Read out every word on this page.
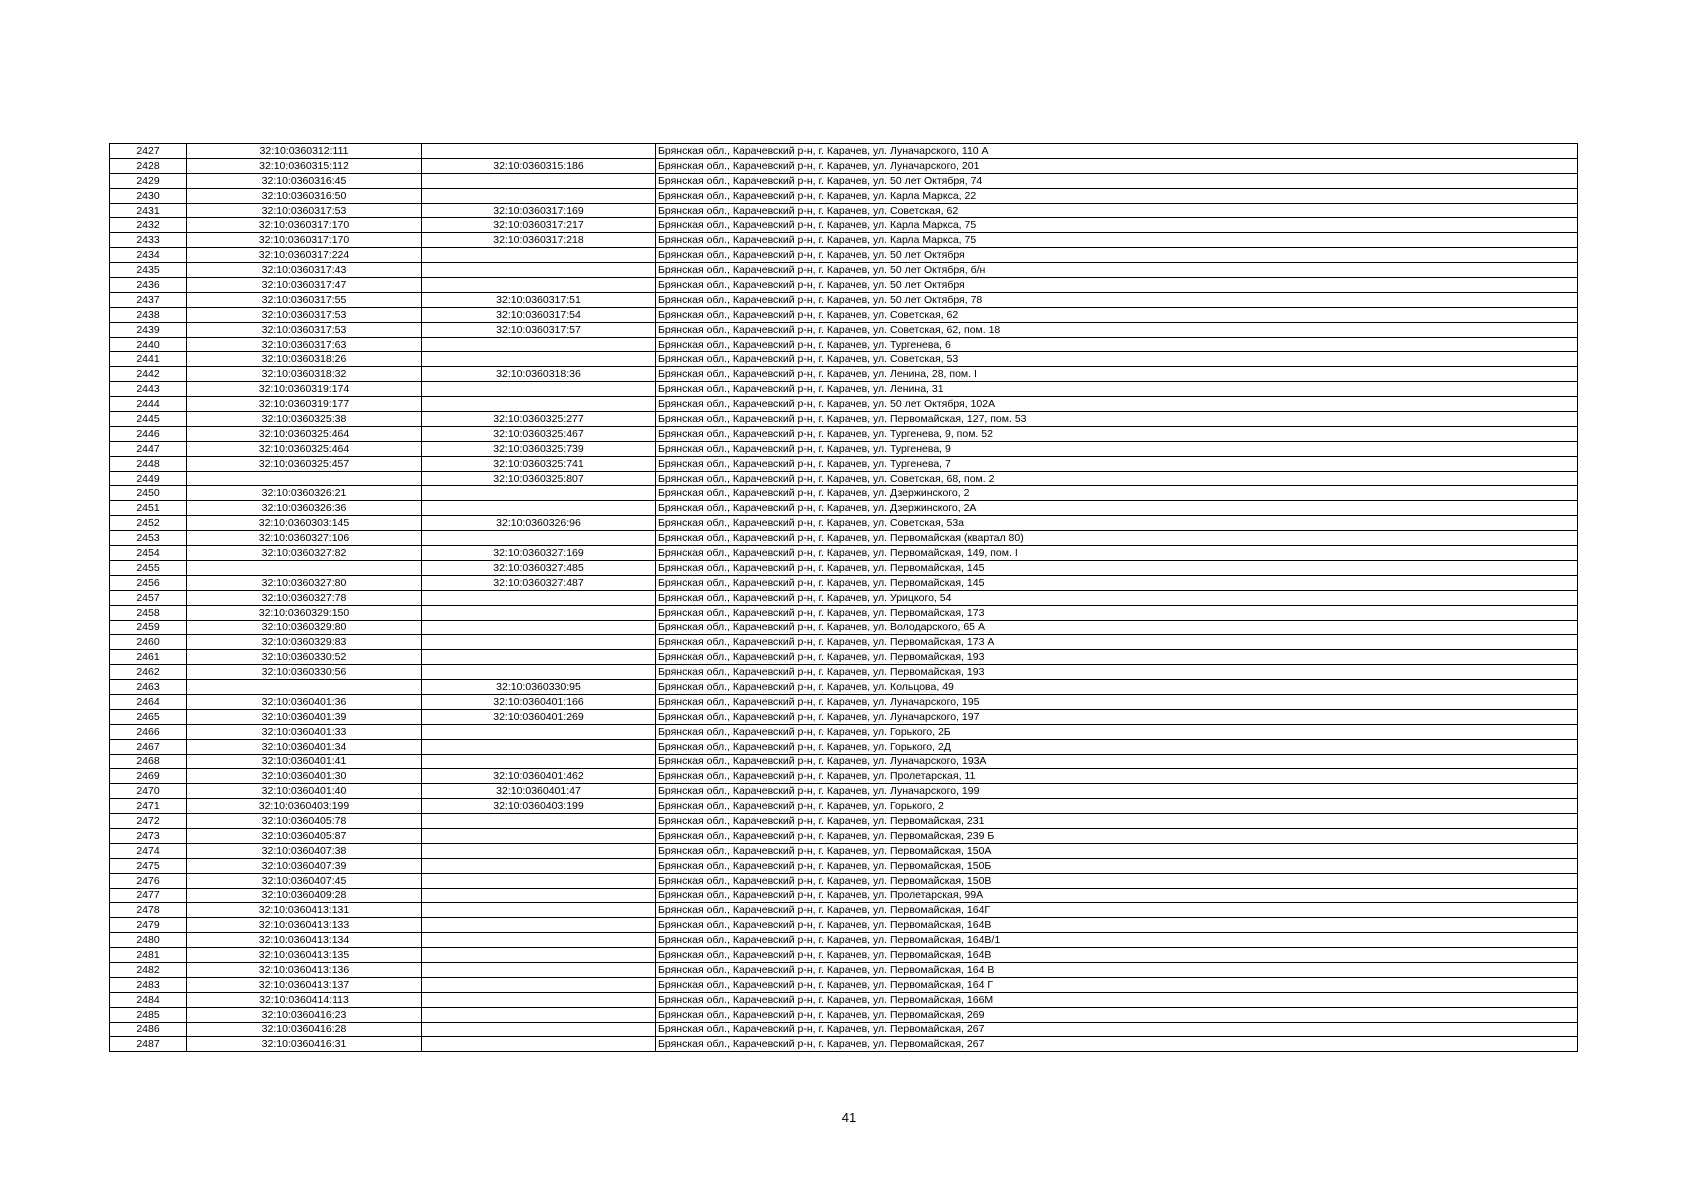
2427	32:10:0360312:111		Брянская обл., Карачевский р-н, г. Карачев, ул. Луначарского, 110 А
2428	32:10:0360315:112	32:10:0360315:186	Брянская обл., Карачевский р-н, г. Карачев, ул. Луначарского, 201
2429	32:10:0360316:45		Брянская обл., Карачевский р-н, г. Карачев, ул. 50 лет Октября, 74
2430	32:10:0360316:50		Брянская обл., Карачевский р-н, г. Карачев, ул. Карла Маркса, 22
2431	32:10:0360317:53	32:10:0360317:169	Брянская обл., Карачевский р-н, г. Карачев, ул. Советская, 62
2432	32:10:0360317:170	32:10:0360317:217	Брянская обл., Карачевский р-н, г. Карачев, ул. Карла Маркса, 75
2433	32:10:0360317:170	32:10:0360317:218	Брянская обл., Карачевский р-н, г. Карачев, ул. Карла Маркса, 75
2434	32:10:0360317:224		Брянская обл., Карачевский р-н, г. Карачев, ул. 50 лет Октября
2435	32:10:0360317:43		Брянская обл., Карачевский р-н, г. Карачев, ул. 50 лет Октября, б/н
2436	32:10:0360317:47		Брянская обл., Карачевский р-н, г. Карачев, ул. 50 лет Октября
2437	32:10:0360317:55	32:10:0360317:51	Брянская обл., Карачевский р-н, г. Карачев, ул. 50 лет Октября, 78
2438	32:10:0360317:53	32:10:0360317:54	Брянская обл., Карачевский р-н, г. Карачев, ул. Советская, 62
2439	32:10:0360317:53	32:10:0360317:57	Брянская обл., Карачевский р-н, г. Карачев, ул. Советская, 62, пом. 18
2440	32:10:0360317:63		Брянская обл., Карачевский р-н, г. Карачев, ул. Тургенева, 6
2441	32:10:0360318:26		Брянская обл., Карачевский р-н, г. Карачев, ул. Советская, 53
2442	32:10:0360318:32	32:10:0360318:36	Брянская обл., Карачевский р-н, г. Карачев, ул. Ленина, 28, пом. I
2443	32:10:0360319:174		Брянская обл., Карачевский р-н, г. Карачев, ул. Ленина, 31
2444	32:10:0360319:177		Брянская обл., Карачевский р-н, г. Карачев, ул. 50 лет Октября, 102А
2445	32:10:0360325:38	32:10:0360325:277	Брянская обл., Карачевский р-н, г. Карачев, ул. Первомайская, 127, пом. 53
2446	32:10:0360325:464	32:10:0360325:467	Брянская обл., Карачевский р-н, г. Карачев, ул. Тургенева, 9, пом. 52
2447	32:10:0360325:464	32:10:0360325:739	Брянская обл., Карачевский р-н, г. Карачев, ул. Тургенева, 9
2448	32:10:0360325:457	32:10:0360325:741	Брянская обл., Карачевский р-н, г. Карачев, ул. Тургенева, 7
2449		32:10:0360325:807	Брянская обл., Карачевский р-н, г. Карачев, ул. Советская, 68, пом. 2
2450	32:10:0360326:21		Брянская обл., Карачевский р-н, г. Карачев, ул. Дзержинского, 2
2451	32:10:0360326:36		Брянская обл., Карачевский р-н, г. Карачев, ул. Дзержинского, 2А
2452	32:10:0360303:145	32:10:0360326:96	Брянская обл., Карачевский р-н, г. Карачев, ул. Советская, 53а
2453	32:10:0360327:106		Брянская обл., Карачевский р-н, г. Карачев, ул. Первомайская (квартал 80)
2454	32:10:0360327:82	32:10:0360327:169	Брянская обл., Карачевский р-н, г. Карачев, ул. Первомайская, 149, пом. I
2455		32:10:0360327:485	Брянская обл., Карачевский р-н, г. Карачев, ул. Первомайская, 145
2456	32:10:0360327:80	32:10:0360327:487	Брянская обл., Карачевский р-н, г. Карачев, ул. Первомайская, 145
2457	32:10:0360327:78		Брянская обл., Карачевский р-н, г. Карачев, ул. Урицкого, 54
2458	32:10:0360329:150		Брянская обл., Карачевский р-н, г. Карачев, ул. Первомайская, 173
2459	32:10:0360329:80		Брянская обл., Карачевский р-н, г. Карачев, ул. Володарского, 65 А
2460	32:10:0360329:83		Брянская обл., Карачевский р-н, г. Карачев, ул. Первомайская, 173 А
2461	32:10:0360330:52		Брянская обл., Карачевский р-н, г. Карачев, ул. Первомайская, 193
2462	32:10:0360330:56		Брянская обл., Карачевский р-н, г. Карачев, ул. Первомайская, 193
2463		32:10:0360330:95	Брянская обл., Карачевский р-н, г. Карачев, ул. Кольцова, 49
2464	32:10:0360401:36	32:10:0360401:166	Брянская обл., Карачевский р-н, г. Карачев, ул. Луначарского, 195
2465	32:10:0360401:39	32:10:0360401:269	Брянская обл., Карачевский р-н, г. Карачев, ул. Луначарского, 197
2466	32:10:0360401:33		Брянская обл., Карачевский р-н, г. Карачев, ул. Горького, 2Б
2467	32:10:0360401:34		Брянская обл., Карачевский р-н, г. Карачев, ул. Горького, 2Д
2468	32:10:0360401:41		Брянская обл., Карачевский р-н, г. Карачев, ул. Луначарского, 193А
2469	32:10:0360401:30	32:10:0360401:462	Брянская обл., Карачевский р-н, г. Карачев, ул. Пролетарская, 11
2470	32:10:0360401:40	32:10:0360401:47	Брянская обл., Карачевский р-н, г. Карачев, ул. Луначарского, 199
2471	32:10:0360403:199	32:10:0360403:199	Брянская обл., Карачевский р-н, г. Карачев, ул. Горького, 2
2472	32:10:0360405:78		Брянская обл., Карачевский р-н, г. Карачев, ул. Первомайская, 231
2473	32:10:0360405:87		Брянская обл., Карачевский р-н, г. Карачев, ул. Первомайская, 239 Б
2474	32:10:0360407:38		Брянская обл., Карачевский р-н, г. Карачев, ул. Первомайская, 150А
2475	32:10:0360407:39		Брянская обл., Карачевский р-н, г. Карачев, ул. Первомайская, 150Б
2476	32:10:0360407:45		Брянская обл., Карачевский р-н, г. Карачев, ул. Первомайская, 150В
2477	32:10:0360409:28		Брянская обл., Карачевский р-н, г. Карачев, ул. Пролетарская, 99А
2478	32:10:0360413:131		Брянская обл., Карачевский р-н, г. Карачев, ул. Первомайская, 164Г
2479	32:10:0360413:133		Брянская обл., Карачевский р-н, г. Карачев, ул. Первомайская, 164В
2480	32:10:0360413:134		Брянская обл., Карачевский р-н, г. Карачев, ул. Первомайская, 164В/1
2481	32:10:0360413:135		Брянская обл., Карачевский р-н, г. Карачев, ул. Первомайская, 164В
2482	32:10:0360413:136		Брянская обл., Карачевский р-н, г. Карачев, ул. Первомайская, 164 В
2483	32:10:0360413:137		Брянская обл., Карачевский р-н, г. Карачев, ул. Первомайская, 164 Г
2484	32:10:0360414:113		Брянская обл., Карачевский р-н, г. Карачев, ул. Первомайская, 166М
2485	32:10:0360416:23		Брянская обл., Карачевский р-н, г. Карачев, ул. Первомайская, 269
2486	32:10:0360416:28		Брянская обл., Карачевский р-н, г. Карачев, ул. Первомайская, 267
2487	32:10:0360416:31		Брянская обл., Карачевский р-н, г. Карачев, ул. Первомайская, 267
41
